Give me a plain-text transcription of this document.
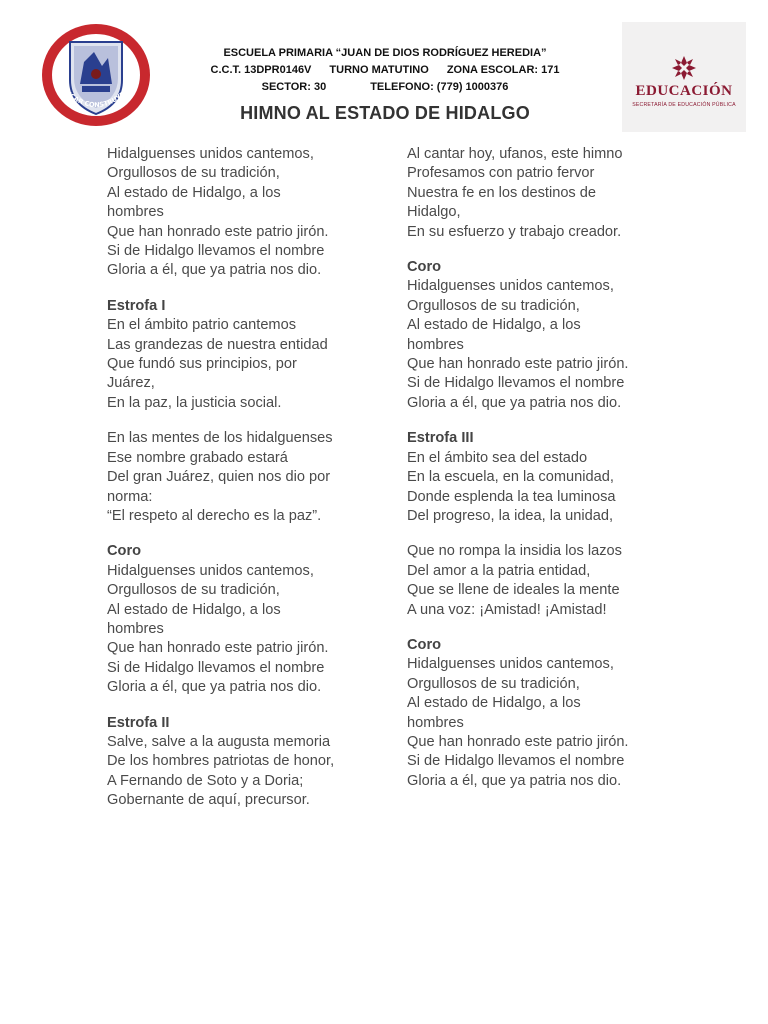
EDUCAR CONSTRUYENDO	EDUCACIÓN
SECRETARÍA DE EDUCACIÓN PÚBLICA
ESCUELA PRIMARIA “JUAN DE DIOS RODRÍGUEZ HEREDIA”
C.C.T. 13DPR0146V TURNO MATUTINO ZONA ESCOLAR: 171
SECTOR: 30	TELEFONO: (779) 1000376
HIMNO AL ESTADO DE HIDALGO
Hidalguenses unidos cantemos,
Orgullosos de su tradición,
Al estado de Hidalgo, a los
hombres
Que han honrado este patrio jirón.
Si de Hidalgo llevamos el nombre
Gloria a él, que ya patria nos dio.
Estrofa I
En el ámbito patrio cantemos
Las grandezas de nuestra entidad
Que fundó sus principios, por
Juárez,
En la paz, la justicia social.
En las mentes de los hidalguenses
Ese nombre grabado estará
Del gran Juárez, quien nos dio por
norma:
“El respeto al derecho es la paz”.
Coro
Hidalguenses unidos cantemos,
Orgullosos de su tradición,
Al estado de Hidalgo, a los
hombres
Que han honrado este patrio jirón.
Si de Hidalgo llevamos el nombre
Gloria a él, que ya patria nos dio.
Estrofa II
Salve, salve a la augusta memoria
De los hombres patriotas de honor,
A Fernando de Soto y a Doria;
Gobernante de aquí, precursor.
Al cantar hoy, ufanos, este himno
Profesamos con patrio fervor
Nuestra fe en los destinos de
Hidalgo,
En su esfuerzo y trabajo creador.
Coro
Hidalguenses unidos cantemos,
Orgullosos de su tradición,
Al estado de Hidalgo, a los
hombres
Que han honrado este patrio jirón.
Si de Hidalgo llevamos el nombre
Gloria a él, que ya patria nos dio.
Estrofa III
En el ámbito sea del estado
En la escuela, en la comunidad,
Donde esplenda la tea luminosa
Del progreso, la idea, la unidad,
Que no rompa la insidia los lazos
Del amor a la patria entidad,
Que se llene de ideales la mente
A una voz: ¡Amistad! ¡Amistad!
Coro
Hidalguenses unidos cantemos,
Orgullosos de su tradición,
Al estado de Hidalgo, a los
hombres
Que han honrado este patrio jirón.
Si de Hidalgo llevamos el nombre
Gloria a él, que ya patria nos dio.
